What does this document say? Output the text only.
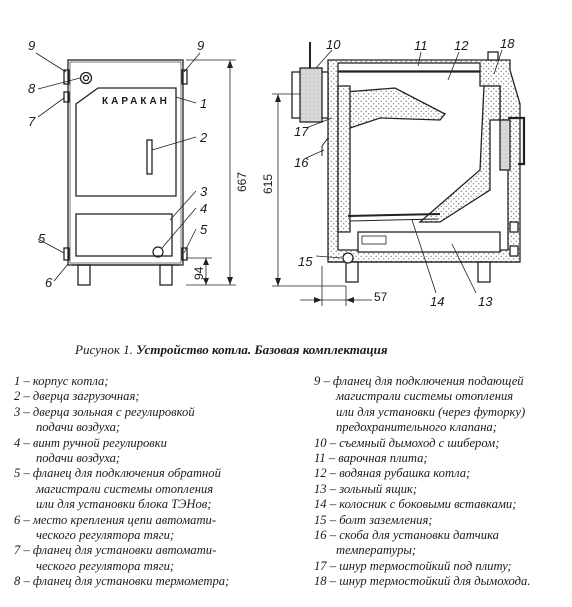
КАРАКАН
9	9
8
7
1
2
3
4
5
5
6
667
94
10	11 12 18
17
16
15
14	13
615
57
Рисунок 1. Устройство котла. Базовая комплектация
1 – корпус котла;
2 – дверца загрузочная;
3 – дверца зольная с регулировкой

подачи воздуха;
4 – винт ручной регулировки

подачи воздуха;
5 – фланец для подключения обратной

магистрали системы отопления
или для установки блока ТЭНов;
6 – место крепления цепи автомати-

ческого регулятора тяги;
7 – фланец для установки автомати-

ческого регулятора тяги;
8 – фланец для установки термометра;
9 – фланец для подключения подающей

магистрали системы отопления
или для установки (через футорку)
предохранительного клапана;
10 – съемный дымоход с шибером;
11 – варочная плита;
12 – водяная рубашка котла;
13 – зольный ящик;
14 – колосник с боковыми вставками;
15 – болт заземления;
16 – скоба для установки датчика

температуры;
17 – шнур термостойкий под плиту;
18 – шнур термостойкий для дымохода.
